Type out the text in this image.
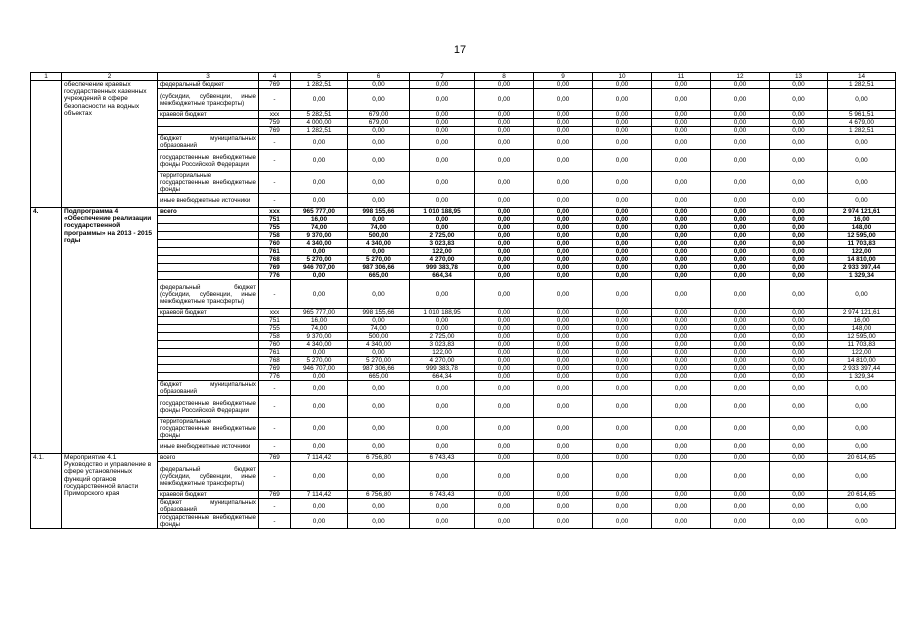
17
1	2	3	4	5	6	7	8	9	10	11	12	13	14
	обеспечение краевых государственных казенных учреждений в сфере безопасности на водных объектах	федеральный бюджет	769	1 282,51	0,00	0,00	0,00	0,00	0,00	0,00	0,00	0,00	1 282,51
		(субсидии, субвенции, иные межбюджетные трансферты)	-	0,00	0,00	0,00	0,00	0,00	0,00	0,00	0,00	0,00	0,00
		краевой бюджет	xxx	5 282,51	679,00	0,00	0,00	0,00	0,00	0,00	0,00	0,00	5 961,51
			759	4 000,00	679,00	0,00	0,00	0,00	0,00	0,00	0,00	0,00	4 679,00
			769	1 282,51	0,00	0,00	0,00	0,00	0,00	0,00	0,00	0,00	1 282,51
		бюджет муниципальных образований	-	0,00	0,00	0,00	0,00	0,00	0,00	0,00	0,00	0,00	0,00
		государственные внебюджетные фонды Российской Федерации	-	0,00	0,00	0,00	0,00	0,00	0,00	0,00	0,00	0,00	0,00
		территориальные государственные внебюджетные фонды	-	0,00	0,00	0,00	0,00	0,00	0,00	0,00	0,00	0,00	0,00
		иные внебюджетные источники	-	0,00	0,00	0,00	0,00	0,00	0,00	0,00	0,00	0,00	0,00
4.	Подпрограмма 4 «Обеспечение реализации государственной программы» на 2013 - 2015 годы	всего	xxx	965 777,00	998 155,66	1 010 188,95	0,00	0,00	0,00	0,00	0,00	0,00	2 974 121,61
			751	16,00	0,00	0,00	0,00	0,00	0,00	0,00	0,00	0,00	16,00
			755	74,00	74,00	0,00	0,00	0,00	0,00	0,00	0,00	0,00	148,00
			758	9 370,00	500,00	2 725,00	0,00	0,00	0,00	0,00	0,00	0,00	12 595,00
			760	4 340,00	4 340,00	3 023,83	0,00	0,00	0,00	0,00	0,00	0,00	11 703,83
			761	0,00	0,00	122,00	0,00	0,00	0,00	0,00	0,00	0,00	122,00
			768	5 270,00	5 270,00	4 270,00	0,00	0,00	0,00	0,00	0,00	0,00	14 810,00
			769	946 707,00	987 306,66	999 383,78	0,00	0,00	0,00	0,00	0,00	0,00	2 933 397,44
			776	0,00	665,00	664,34	0,00	0,00	0,00	0,00	0,00	0,00	1 329,34
		федеральный бюджет (субсидии, субвенции, иные межбюджетные трансферты)	-	0,00	0,00	0,00	0,00	0,00	0,00	0,00	0,00	0,00	0,00
		краевой бюджет	xxx	965 777,00	998 155,66	1 010 188,95	0,00	0,00	0,00	0,00	0,00	0,00	2 974 121,61
			751	16,00	0,00	0,00	0,00	0,00	0,00	0,00	0,00	0,00	16,00
			755	74,00	74,00	0,00	0,00	0,00	0,00	0,00	0,00	0,00	148,00
			758	9 370,00	500,00	2 725,00	0,00	0,00	0,00	0,00	0,00	0,00	12 595,00
			760	4 340,00	4 340,00	3 023,83	0,00	0,00	0,00	0,00	0,00	0,00	11 703,83
			761	0,00	0,00	122,00	0,00	0,00	0,00	0,00	0,00	0,00	122,00
			768	5 270,00	5 270,00	4 270,00	0,00	0,00	0,00	0,00	0,00	0,00	14 810,00
			769	946 707,00	987 306,66	999 383,78	0,00	0,00	0,00	0,00	0,00	0,00	2 933 397,44
			776	0,00	665,00	664,34	0,00	0,00	0,00	0,00	0,00	0,00	1 329,34
		бюджет муниципальных образований	-	0,00	0,00	0,00	0,00	0,00	0,00	0,00	0,00	0,00	0,00
		государственные внебюджетные фонды Российской Федерации	-	0,00	0,00	0,00	0,00	0,00	0,00	0,00	0,00	0,00	0,00
		территориальные государственные внебюджетные фонды	-	0,00	0,00	0,00	0,00	0,00	0,00	0,00	0,00	0,00	0,00
		иные внебюджетные источники	-	0,00	0,00	0,00	0,00	0,00	0,00	0,00	0,00	0,00	0,00
4.1.	Мероприятие 4.1 Руководство и управление в сфере установленных функций органов государственной власти Приморского края	всего	769	7 114,42	6 756,80	6 743,43	0,00	0,00	0,00	0,00	0,00	0,00	20 614,65
		федеральный бюджет (субсидии, субвенции, иные межбюджетные трансферты)	-	0,00	0,00	0,00	0,00	0,00	0,00	0,00	0,00	0,00	0,00
		краевой бюджет	769	7 114,42	6 756,80	6 743,43	0,00	0,00	0,00	0,00	0,00	0,00	20 614,65
		бюджет муниципальных образований	-	0,00	0,00	0,00	0,00	0,00	0,00	0,00	0,00	0,00	0,00
		государственные внебюджетные фонды	-	0,00	0,00	0,00	0,00	0,00	0,00	0,00	0,00	0,00	0,00
